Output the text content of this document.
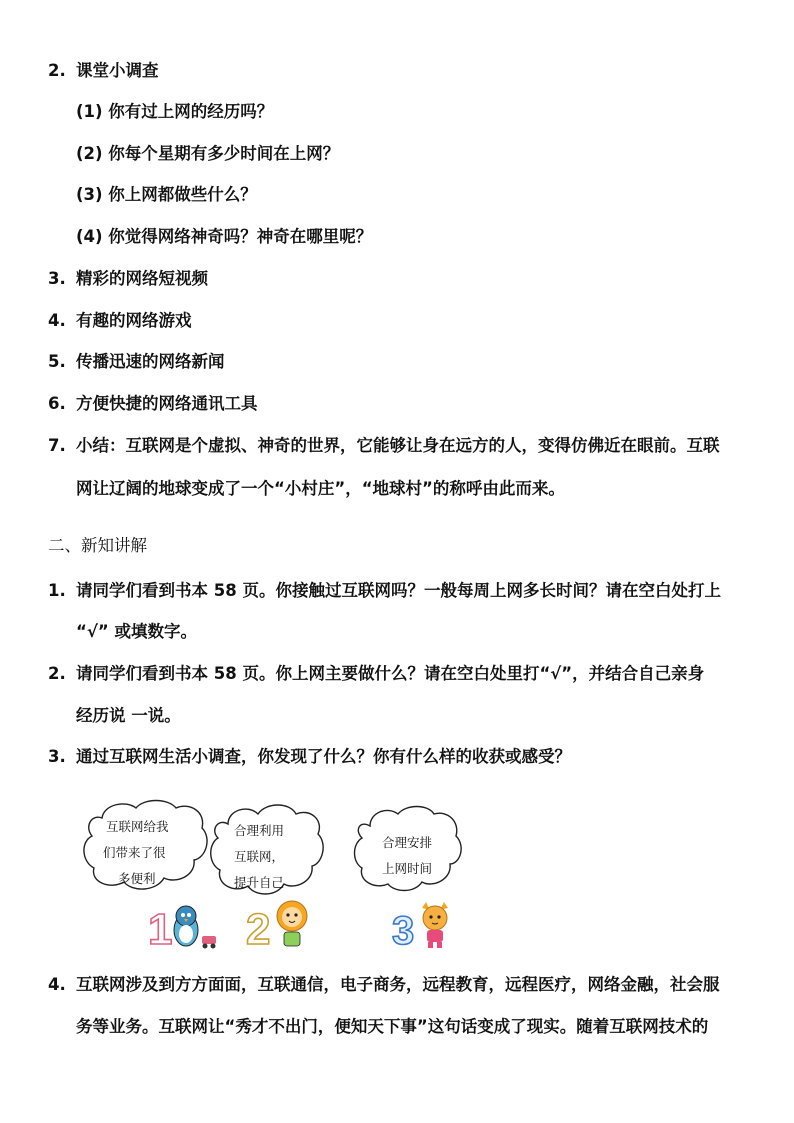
2. 课堂小调查
(1) 你有过上网的经历吗？
(2) 你每个星期有多少时间在上网？
(3) 你上网都做些什么？
(4) 你觉得网络神奇吗？神奇在哪里呢？
3. 精彩的网络短视频
4. 有趣的网络游戏
5. 传播迅速的网络新闻
6. 方便快捷的网络通讯工具
7. 小结：互联网是个虚拟、神奇的世界，它能够让身在远方的人，变得仿佛近在眼前。互联
网让辽阔的地球变成了一个“小村庄”，“地球村”的称呼由此而来。
二、新知讲解
1. 请同学们看到书本 58 页。你接触过互联网吗？一般每周上网多长时间？请在空白处打上
“√” 或填数字。
2. 请同学们看到书本 58 页。你上网主要做什么？请在空白处里打“√”，并结合自己亲身
经历说 一说。
3. 通过互联网生活小调查，你发现了什么？你有什么样的收获或感受？
互联网给我
们带来了很
多便利
合理利用
互联网，
提升自己
合理安排
上网时间
1 2	3
4. 互联网涉及到方方面面，互联通信，电子商务，远程教育，远程医疗，网络金融，社会服
务等业务。互联网让“秀才不出门，便知天下事”这句话变成了现实。随着互联网技术的
